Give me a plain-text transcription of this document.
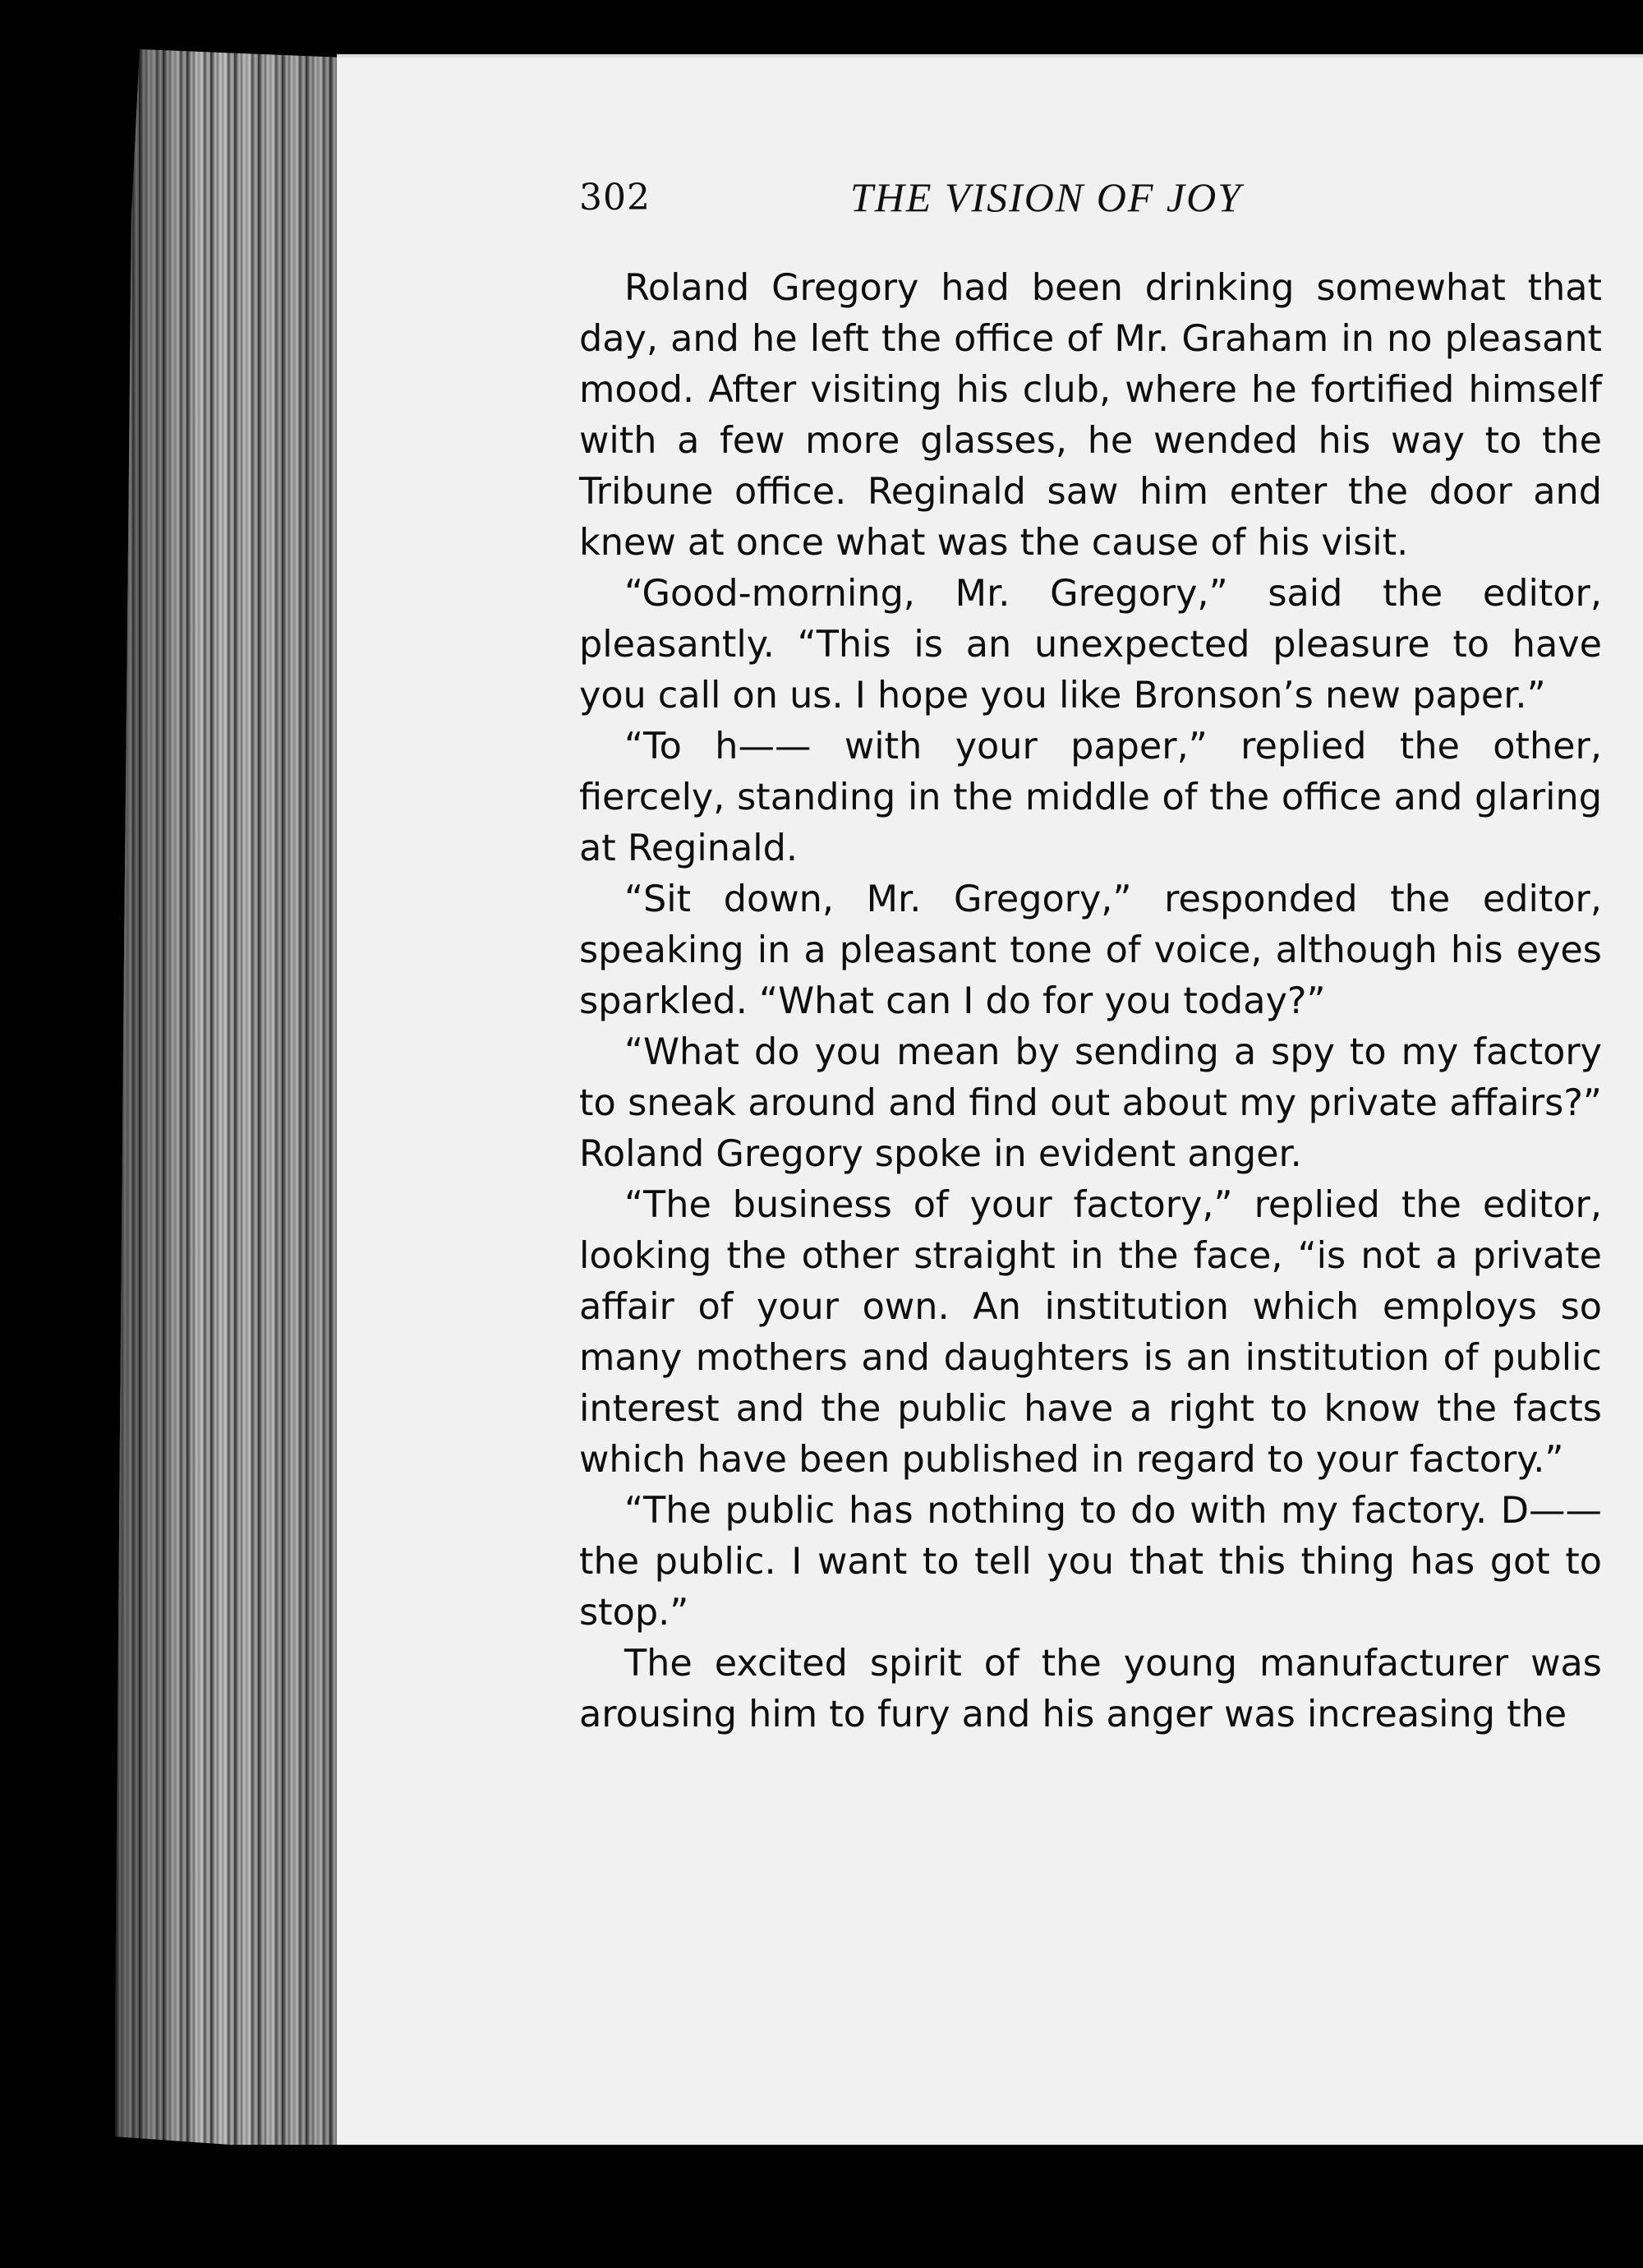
302	THE VISION OF JOY

Roland Gregory had been drinking somewhat that day, and he left the office of Mr. Graham in no pleasant mood. After visiting his club, where he fortified himself with a few more glasses, he wended his way to the Tribune office. Reginald saw him enter the door and knew at once what was the cause of his visit.

“Good-morning, Mr. Gregory,” said the editor, pleasantly. “This is an unexpected pleasure to have you call on us. I hope you like Bronson’s new paper.”

“To h—— with your paper,” replied the other, fiercely, standing in the middle of the office and glaring at Reginald.

“Sit down, Mr. Gregory,” responded the editor, speaking in a pleasant tone of voice, although his eyes sparkled. “What can I do for you today?”

“What do you mean by sending a spy to my factory to sneak around and find out about my private affairs?” Roland Gregory spoke in evident anger.

“The business of your factory,” replied the editor, looking the other straight in the face, “is not a private affair of your own. An institution which employs so many mothers and daughters is an institution of public interest and the public have a right to know the facts which have been published in regard to your factory.”

“The public has nothing to do with my factory. D—— the public. I want to tell you that this thing has got to stop.”

The excited spirit of the young manufacturer was arousing him to fury and his anger was increasing the
